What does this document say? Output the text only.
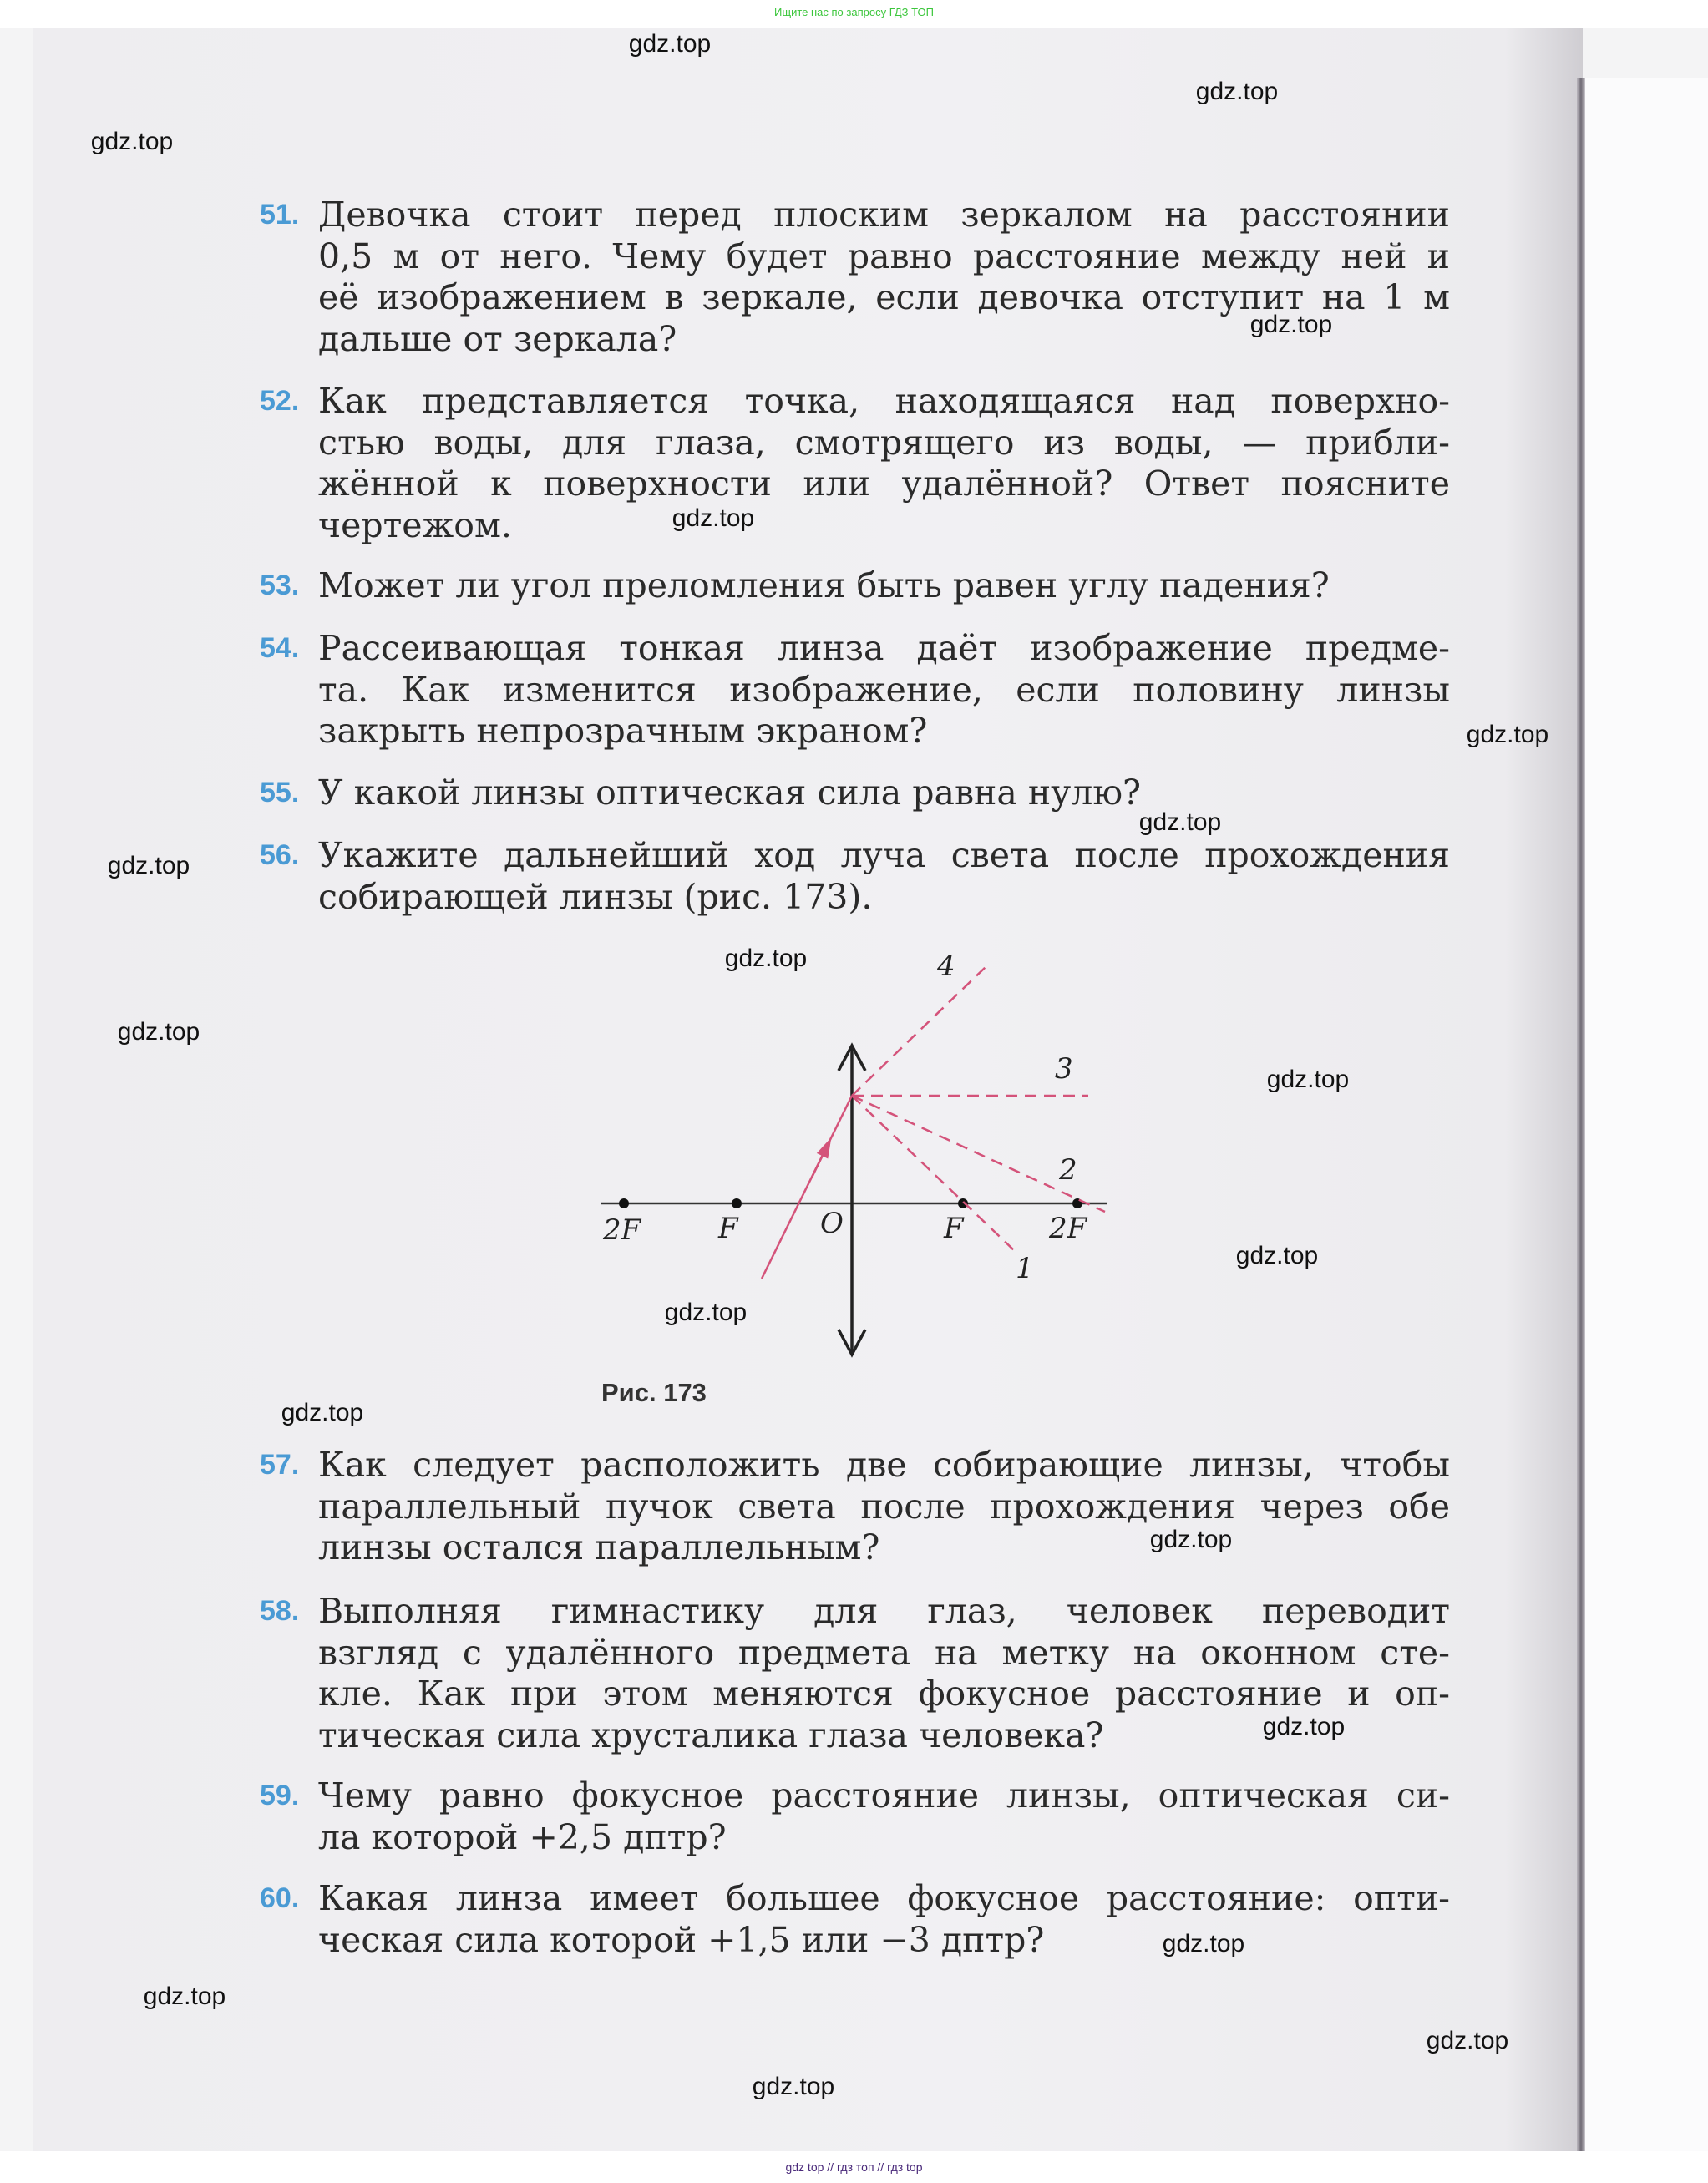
Ищите нас по запросу ГДЗ ТОП
51. Девочка стоит перед плоским зеркалом на расстоянии
0,5 м от него. Чему будет равно расстояние между ней и
её изображением в зеркале, если девочка отступит на 1 м
дальше от зеркала?
52. Как представляется точка, находящаяся над поверхно-
стью воды, для глаза, смотрящего из воды, — прибли-
жённой к поверхности или удалённой? Ответ поясните
чертежом.
53. Может ли угол преломления быть равен углу падения?
54. Рассеивающая тонкая линза даёт изображение предме-
та. Как изменится изображение, если половину линзы
закрыть непрозрачным экраном?
55. У какой линзы оптическая сила равна нулю?
56. Укажите дальнейший ход луча света после прохождения
собирающей линзы (рис. 173).
57. Как следует расположить две собирающие линзы, чтобы
параллельный пучок света после прохождения через обе
линзы остался параллельным?
58. Выполняя гимнастику для глаз, человек переводит
взгляд с удалённого предмета на метку на оконном сте-
кле. Как при этом меняются фокусное расстояние и оп-
тическая сила хрусталика глаза человека?
59. Чему равно фокусное расстояние линзы, оптическая си-
ла которой +2,5 дптр?
60. Какая линза имеет большее фокусное расстояние: опти-
ческая сила которой +1,5 или −3 дптр?
2F	F	O	F	2F
1
2
3
4
Рис. 173
gdz.top
gdz.top
gdz.top
gdz.top
gdz.top
gdz.top
gdz.top
gdz.top
gdz.top
gdz.top
gdz.top
gdz.top
gdz.top
gdz.top
gdz.top
gdz.top
gdz.top
gdz.top
gdz.top
gdz.top
gdz top // гдз топ // гдз top
